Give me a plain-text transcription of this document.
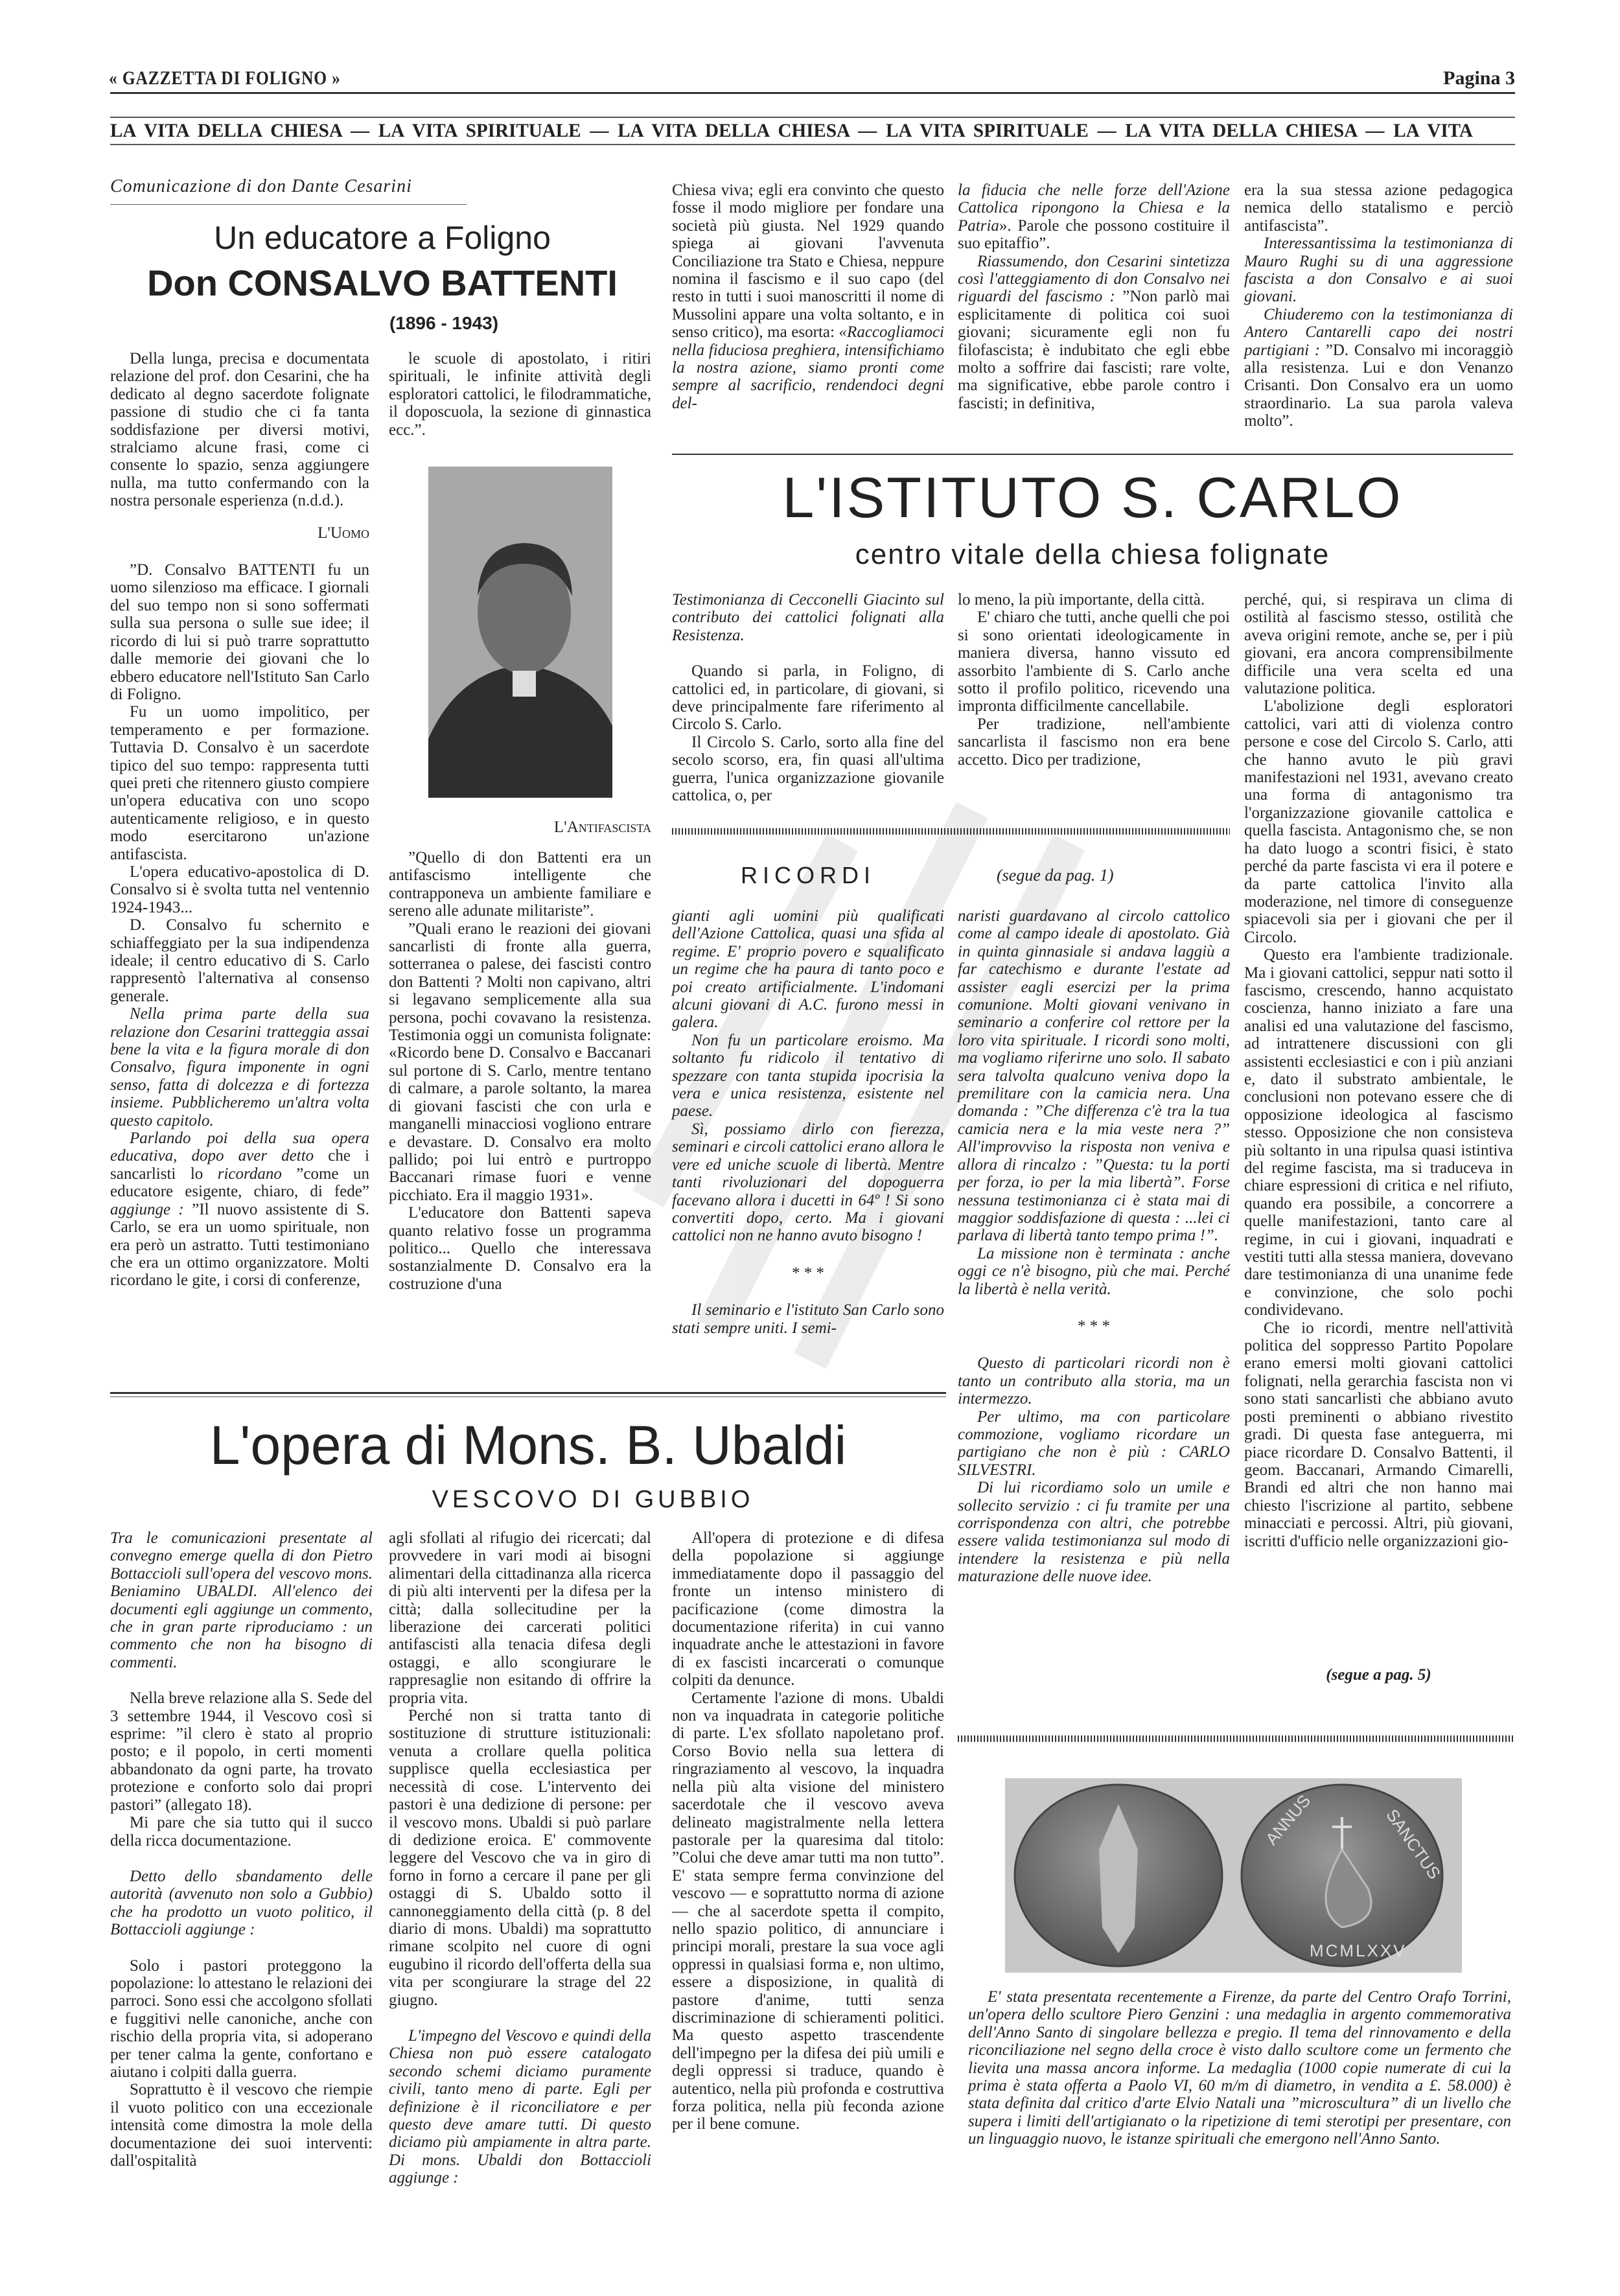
« GAZZETTA DI FOLIGNO »	Pagina 3
LA VITA DELLA CHIESA — LA VITA SPIRITUALE — LA VITA DELLA CHIESA — LA VITA SPIRITUALE — LA VITA DELLA CHIESA — LA VITA
Comunicazione di don Dante Cesarini
Un educatore a Foligno
Don CONSALVO BATTENTI
(1896 - 1943)

Della lunga, precisa e documentata relazione del prof. don Cesarini, che ha dedicato al degno sacerdote folignate passione di studio che ci fa tanta soddisfazione per diversi motivi, stralciamo alcune frasi, come ci consente lo spazio, senza aggiungere nulla, ma tutto confermando con la nostra personale esperienza (n.d.d.).

L'Uomo

”D. Consalvo BATTENTI fu un uomo silenzioso ma efficace. I giornali del suo tempo non si sono soffermati sulla sua persona o sulle sue idee; il ricordo di lui si può trarre soprattutto dalle memorie dei giovani che lo ebbero educatore nell'Istituto San Carlo di Foligno.

Fu un uomo impolitico, per temperamento e per formazione. Tuttavia D. Consalvo è un sacerdote tipico del suo tempo: rappresenta tutti quei preti che ritennero giusto compiere un'opera educativa con uno scopo autenticamente religioso, e in questo modo esercitarono un'azione antifascista.

L'opera educativo-apostolica di D. Consalvo si è svolta tutta nel ventennio 1924-1943...

D. Consalvo fu schernito e schiaffeggiato per la sua indipendenza ideale; il centro educativo di S. Carlo rappresentò l'alternativa al consenso generale.

Nella prima parte della sua relazione don Cesarini tratteggia assai bene la vita e la figura morale di don Consalvo, figura imponente in ogni senso, fatta di dolcezza e di fortezza insieme. Pubblicheremo un'altra volta questo capitolo.

Parlando poi della sua opera educativa, dopo aver detto che i sancarlisti lo ricordano ”come un educatore esigente, chiaro, di fede” aggiunge : ”Il nuovo assistente di S. Carlo, se era un uomo spirituale, non era però un astratto. Tutti testimoniano che era un ottimo organizzatore. Molti ricordano le gite, i corsi di conferenze,

le scuole di apostolato, i ritiri spirituali, le infinite attività degli esploratori cattolici, le filodrammatiche, il doposcuola, la sezione di ginnastica ecc.”.

L'Antifascista

”Quello di don Battenti era un antifascismo intelligente che contrapponeva un ambiente familiare e sereno alle adunate militariste”.

”Quali erano le reazioni dei giovani sancarlisti di fronte alla guerra, sotterranea o palese, dei fascisti contro don Battenti ? Molti non capivano, altri si legavano semplicemente alla sua persona, pochi covavano la resistenza. Testimonia oggi un comunista folignate: «Ricordo bene D. Consalvo e Baccanari sul portone di S. Carlo, mentre tentano di calmare, a parole soltanto, la marea di giovani fascisti che con urla e manganelli minacciosi vogliono entrare e devastare. D. Consalvo era molto pallido; poi lui entrò e purtroppo Baccanari rimase fuori e venne picchiato. Era il maggio 1931».

L'educatore don Battenti sapeva quanto relativo fosse un programma politico... Quello che interessava sostanzialmente D. Consalvo era la costruzione d'una

Chiesa viva; egli era convinto che questo fosse il modo migliore per fondare una società più giusta. Nel 1929 quando spiega ai giovani l'avvenuta Conciliazione tra Stato e Chiesa, neppure nomina il fascismo e il suo capo (del resto in tutti i suoi manoscritti il nome di Mussolini appare una volta soltanto, e in senso critico), ma esorta: «Raccogliamoci nella fiduciosa preghiera, intensifichiamo la nostra azione, siamo pronti come sempre al sacrificio, rendendoci degni del-

la fiducia che nelle forze dell'Azione Cattolica ripongono la Chiesa e la Patria». Parole che possono costituire il suo epitaffio”.

Riassumendo, don Cesarini sintetizza così l'atteggiamento di don Consalvo nei riguardi del fascismo : ”Non parlò mai esplicitamente di politica coi suoi giovani; sicuramente egli non fu filofascista; è indubitato che egli ebbe molto a soffrire dai fascisti; rare volte, ma significative, ebbe parole contro i fascisti; in definitiva,

era la sua stessa azione pedagogica nemica dello statalismo e perciò antifascista”.

Interessantissima la testimonianza di Mauro Rughi su di una aggressione fascista a don Consalvo e ai suoi giovani.

Chiuderemo con la testimonianza di Antero Cantarelli capo dei nostri partigiani : ”D. Consalvo mi incoraggiò alla resistenza. Lui e don Venanzo Crisanti. Don Consalvo era un uomo straordinario. La sua parola valeva molto”.

L'ISTITUTO S. CARLO
centro vitale della chiesa folignate

Testimonianza di Cecconelli Giacinto sul contributo dei cattolici folignati alla Resistenza.

Quando si parla, in Foligno, di cattolici ed, in particolare, di giovani, si deve principalmente fare riferimento al Circolo S. Carlo.

Il Circolo S. Carlo, sorto alla fine del secolo scorso, era, fin quasi all'ultima guerra, l'unica organizzazione giovanile cattolica, o, per

lo meno, la più importante, della città.

E' chiaro che tutti, anche quelli che poi si sono orientati ideologicamente in maniera diversa, hanno vissuto ed assorbito l'ambiente di S. Carlo anche sotto il profilo politico, ricevendo una impronta difficilmente cancellabile.

Per tradizione, nell'ambiente sancarlista il fascismo non era bene accetto. Dico per tradizione,

perché, qui, si respirava un clima di ostilità al fascismo stesso, ostilità che aveva origini remote, anche se, per i più giovani, era ancora comprensibilmente difficile una vera scelta ed una valutazione politica.

L'abolizione degli esploratori cattolici, vari atti di violenza contro persone e cose del Circolo S. Carlo, atti che hanno avuto le più gravi manifestazioni nel 1931, avevano creato una forma di antagonismo tra l'organizzazione giovanile cattolica e quella fascista. Antagonismo che, se non ha dato luogo a scontri fisici, è stato perché da parte fascista vi era il potere e da parte cattolica l'invito alla moderazione, nel timore di conseguenze spiacevoli sia per i giovani che per il Circolo.

Questo era l'ambiente tradizionale. Ma i giovani cattolici, seppur nati sotto il fascismo, crescendo, hanno acquistato coscienza, hanno iniziato a fare una analisi ed una valutazione del fascismo, ad intrattenere discussioni con gli assistenti ecclesiastici e con i più anziani e, dato il substrato ambientale, le conclusioni non potevano essere che di opposizione ideologica al fascismo stesso. Opposizione che non consisteva più soltanto in una ripulsa quasi istintiva del regime fascista, ma si traduceva in chiare espressioni di critica e nel rifiuto, quando era possibile, a concorrere a quelle manifestazioni, tanto care al regime, in cui i giovani, inquadrati e vestiti tutti alla stessa maniera, dovevano dare testimonianza di una unanime fede e convinzione, che solo pochi condividevano.

Che io ricordi, mentre nell'attività politica del soppresso Partito Popolare erano emersi molti giovani cattolici folignati, nella gerarchia fascista non vi sono stati sancarlisti che abbiano avuto posti preminenti o abbiano rivestito gradi. Di questa fase anteguerra, mi piace ricordare D. Consalvo Battenti, il geom. Baccanari, Armando Cimarelli, Brandi ed altri che non hanno mai chiesto l'iscrizione al partito, sebbene minacciati e percossi. Altri, più giovani, iscritti d'ufficio nelle organizzazioni gio-

(segue a pag. 5)
RICORDI	(segue da pag. 1)

gianti agli uomini più qualificati dell'Azione Cattolica, quasi una sfida al regime. E' proprio povero e squalificato un regime che ha paura di tanto poco e poi creato artificialmente. L'indomani alcuni giovani di A.C. furono messi in galera.

Non fu un particolare eroismo. Ma soltanto fu ridicolo il tentativo di spezzare con tanta stupida ipocrisia la vera e unica resistenza, esistente nel paese.

Sì, possiamo dirlo con fierezza, seminari e circoli cattolici erano allora le vere ed uniche scuole di libertà. Mentre tanti rivoluzionari del dopoguerra facevano allora i ducetti in 64º ! Si sono convertiti dopo, certo. Ma i giovani cattolici non ne hanno avuto bisogno !

* * *

Il seminario e l'istituto San Carlo sono stati sempre uniti. I semi-

naristi guardavano al circolo cattolico come al campo ideale di apostolato. Già in quinta ginnasiale si andava laggiù a far catechismo e durante l'estate ad assister eagli esercizi per la prima comunione. Molti giovani venivano in seminario a conferire col rettore per la loro vita spirituale. I ricordi sono molti, ma vogliamo riferirne uno solo. Il sabato sera talvolta qualcuno veniva dopo la premilitare con la camicia nera. Una domanda : ”Che differenza c'è tra la tua camicia nera e la mia veste nera ?” All'improvviso la risposta non veniva e allora di rincalzo : ”Questa: tu la porti per forza, io per la mia libertà”. Forse nessuna testimonianza ci è stata mai di maggior soddisfazione di questa : ...lei ci parlava di libertà tanto tempo prima !”.

La missione non è terminata : anche oggi ce n'è bisogno, più che mai. Perché la libertà è nella verità.

* * *

Questo di particolari ricordi non è tanto un contributo alla storia, ma un intermezzo.

Per ultimo, ma con particolare commozione, vogliamo ricordare un partigiano che non è più : CARLO SILVESTRI.

Di lui ricordiamo solo un umile e sollecito servizio : ci fu tramite per una corrispondenza con altri, che potrebbe essere valida testimonianza sul modo di intendere la resistenza e più nella maturazione delle nuove idee.

L'opera di Mons. B. Ubaldi
VESCOVO DI GUBBIO

Tra le comunicazioni presentate al convegno emerge quella di don Pietro Bottaccioli sull'opera del vescovo mons. Beniamino UBALDI. All'elenco dei documenti egli aggiunge un commento, che in gran parte riproduciamo : un commento che non ha bisogno di commenti.

Nella breve relazione alla S. Sede del 3 settembre 1944, il Vescovo così si esprime: ”il clero è stato al proprio posto; e il popolo, in certi momenti abbandonato da ogni parte, ha trovato protezione e conforto solo dai propri pastori” (allegato 18).

Mi pare che sia tutto qui il succo della ricca documentazione.

Detto dello sbandamento delle autorità (avvenuto non solo a Gubbio) che ha prodotto un vuoto politico, il Bottaccioli aggiunge :

Solo i pastori proteggono la popolazione: lo attestano le relazioni dei parroci. Sono essi che accolgono sfollati e fuggitivi nelle canoniche, anche con rischio della propria vita, si adoperano per tener calma la gente, confortano e aiutano i colpiti dalla guerra.

Soprattutto è il vescovo che riempie il vuoto politico con una eccezionale intensità come dimostra la mole della documentazione dei suoi interventi: dall'ospitalità

agli sfollati al rifugio dei ricercati; dal provvedere in vari modi ai bisogni alimentari della cittadinanza alla ricerca di più alti interventi per la difesa per la città; dalla sollecitudine per la liberazione dei carcerati politici antifascisti alla tenacia difesa degli ostaggi, e allo scongiurare le rappresaglie non esitando di offrire la propria vita.

Perché non si tratta tanto di sostituzione di strutture istituzionali: venuta a crollare quella politica supplisce quella ecclesiastica per necessità di cose. L'intervento dei pastori è una dedizione di persone: per il vescovo mons. Ubaldi si può parlare di dedizione eroica. E' commovente leggere del Vescovo che va in giro di forno in forno a cercare il pane per gli ostaggi di S. Ubaldo sotto il cannoneggiamento della città (p. 8 del diario di mons. Ubaldi) ma soprattutto rimane scolpito nel cuore di ogni eugubino il ricordo dell'offerta della sua vita per scongiurare la strage del 22 giugno.

L'impegno del Vescovo e quindi della Chiesa non può essere catalogato secondo schemi diciamo puramente civili, tanto meno di parte. Egli per definizione è il riconciliatore e per questo deve amare tutti. Di questo diciamo più ampiamente in altra parte. Di mons. Ubaldi don Bottaccioli aggiunge :

All'opera di protezione e di difesa della popolazione si aggiunge immediatamente dopo il passaggio del fronte un intenso ministero di pacificazione (come dimostra la documentazione riferita) in cui vanno inquadrate anche le attestazioni in favore di ex fascisti incarcerati o comunque colpiti da denunce.

Certamente l'azione di mons. Ubaldi non va inquadrata in categorie politiche di parte. L'ex sfollato napoletano prof. Corso Bovio nella sua lettera di ringraziamento al vescovo, la inquadra nella più alta visione del ministero sacerdotale che il vescovo aveva delineato magistralmente nella lettera pastorale per la quaresima dal titolo: ”Colui che deve amar tutti ma non tutto”. E' stata sempre ferma convinzione del vescovo — e soprattutto norma di azione — che al sacerdote spetta il compito, nello spazio politico, di annunciare i principi morali, prestare la sua voce agli oppressi in qualsiasi forma e, non ultimo, essere a disposizione, in qualità di pastore d'anime, tutti senza discriminazione di schieramenti politici. Ma questo aspetto trascendente dell'impegno per la difesa dei più umili e degli oppressi si traduce, quando è autentico, nella più profonda e costruttiva forza politica, nella più feconda azione per il bene comune.

ANNUS	SANCTUS
MCMLXXV

E' stata presentata recentemente a Firenze, da parte del Centro Orafo Torrini, un'opera dello scultore Piero Genzini : una medaglia in argento commemorativa dell'Anno Santo di singolare bellezza e pregio. Il tema del rinnovamento e della riconciliazione nel segno della croce è visto dallo scultore come un fermento che lievita una massa ancora informe. La medaglia (1000 copie numerate di cui la prima è stata offerta a Paolo VI, 60 m/m di diametro, in vendita a £. 58.000) è stata definita dal critico d'arte Elvio Natali una ”microscultura” di un livello che supera i limiti dell'artigianato o la ripetizione di temi sterotipi per presentare, con un linguaggio nuovo, le istanze spirituali che emergono nell'Anno Santo.
